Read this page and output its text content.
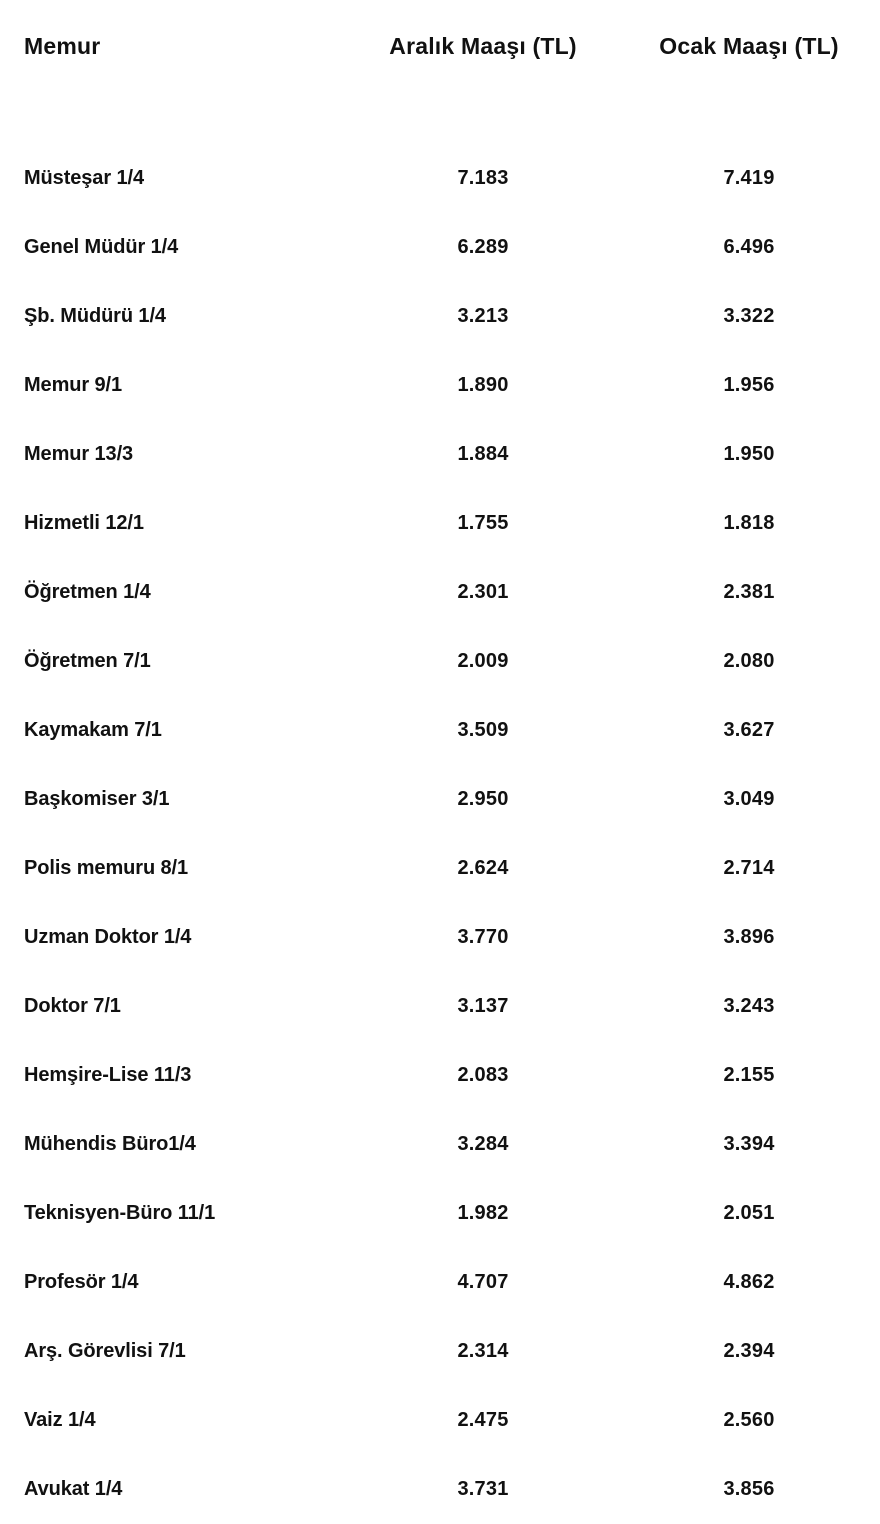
Memur	Aralık Maaşı (TL)	Ocak Maaşı (TL)

Müsteşar 1/4	7.183	7.419
Genel Müdür 1/4	6.289	6.496
Şb. Müdürü 1/4	3.213	3.322
Memur 9/1	1.890	1.956
Memur 13/3	1.884	1.950
Hizmetli 12/1	1.755	1.818
Öğretmen 1/4	2.301	2.381
Öğretmen 7/1	2.009	2.080
Kaymakam 7/1	3.509	3.627
Başkomiser 3/1	2.950	3.049
Polis memuru 8/1	2.624	2.714
Uzman Doktor 1/4	3.770	3.896
Doktor 7/1	3.137	3.243
Hemşire-Lise 11/3	2.083	2.155
Mühendis Büro1/4	3.284	3.394
Teknisyen-Büro 11/1	1.982	2.051
Profesör 1/4	4.707	4.862
Arş. Görevlisi 7/1	2.314	2.394
Vaiz 1/4	2.475	2.560
Avukat 1/4	3.731	3.856
